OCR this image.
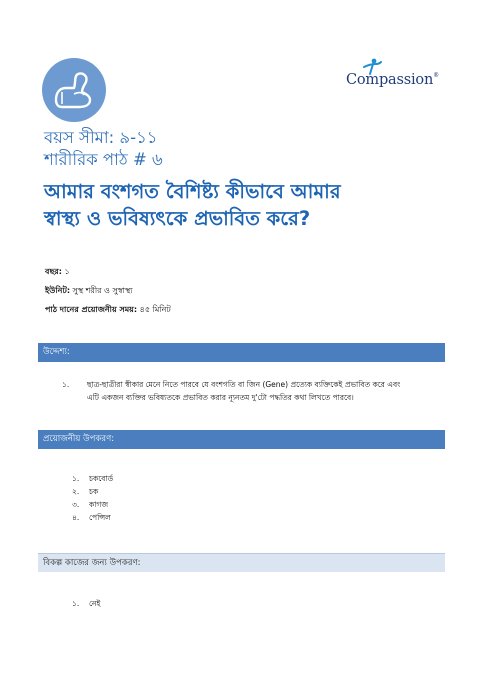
Compassion®
বয়স সীমা: ৯-১১
শারীরিক পাঠ # ৬
আমার বংশগত বৈশিষ্ট্য কীভাবে আমার
স্বাস্থ্য ও ভবিষ্যৎকে প্রভাবিত করে?
বছর: ১
ইউনিট: সুস্থ শরীর ও সুস্বাস্থ্য
পাঠ দানের প্রয়োজনীয় সময়: ৪৫ মিনিট
উদ্দেশ্য:
১. ছাত্র-ছাত্রীরা স্বীকার মেনে নিতে পারবে যে বংশগতি বা জিন (Gene) প্রত্যেক ব্যক্তিকেই প্রভাবিত করে এবং
এটি একজন ব্যক্তির ভবিষ্যতকে প্রভাবিত করার ন্যূনতম দু'টো পদ্ধতির কথা লিখতে পারবে।
প্রয়োজনীয় উপকরণ:
১. চকবোর্ড
২. চক
৩. কাগজ
৪. পেন্সিল
বিকল্প কাজের জন্য উপকরণ:
১. নেই
